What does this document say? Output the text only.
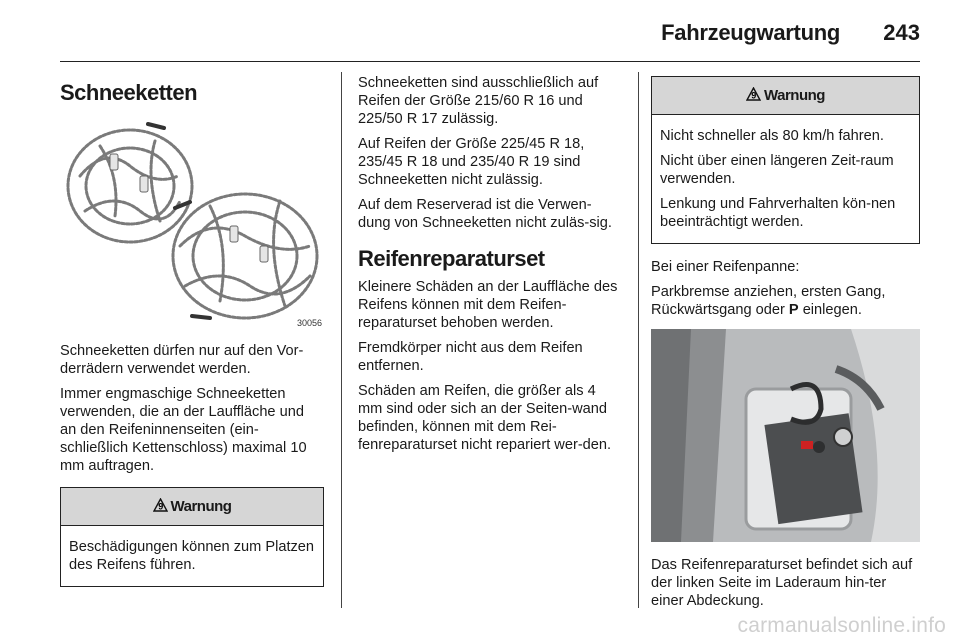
Fahrzeugwartung 243
Schneeketten
30056

Schneeketten dürfen nur auf den Vor-derrädern verwendet werden.

Immer engmaschige Schneeketten verwenden, die an der Lauffläche und an den Reifeninnenseiten (ein-schließlich Kettenschloss) maximal 10 mm auftragen.

9 Warnung

Beschädigungen können zum Platzen des Reifens führen.

Schneeketten sind ausschließlich auf Reifen der Größe 215/60 R 16 und 225/50 R 17 zulässig.

Auf Reifen der Größe 225/45 R 18, 235/45 R 18 und 235/40 R 19 sind Schneeketten nicht zulässig.

Auf dem Reserverad ist die Verwen-dung von Schneeketten nicht zuläs-sig.

Reifenreparaturset

Kleinere Schäden an der Lauffläche des Reifens können mit dem Reifen-reparaturset behoben werden.

Fremdkörper nicht aus dem Reifen entfernen.

Schäden am Reifen, die größer als 4 mm sind oder sich an der Seiten-wand befinden, können mit dem Rei-fenreparaturset nicht repariert wer-den.

9 Warnung

Nicht schneller als 80 km/h fahren.

Nicht über einen längeren Zeit-raum verwenden.

Lenkung und Fahrverhalten kön-nen beeinträchtigt werden.

Bei einer Reifenpanne:

Parkbremse anziehen, ersten Gang, Rückwärtsgang oder P einlegen.

Das Reifenreparaturset befindet sich auf der linken Seite im Laderaum hin-ter einer Abdeckung.

carmanualsonline.info
